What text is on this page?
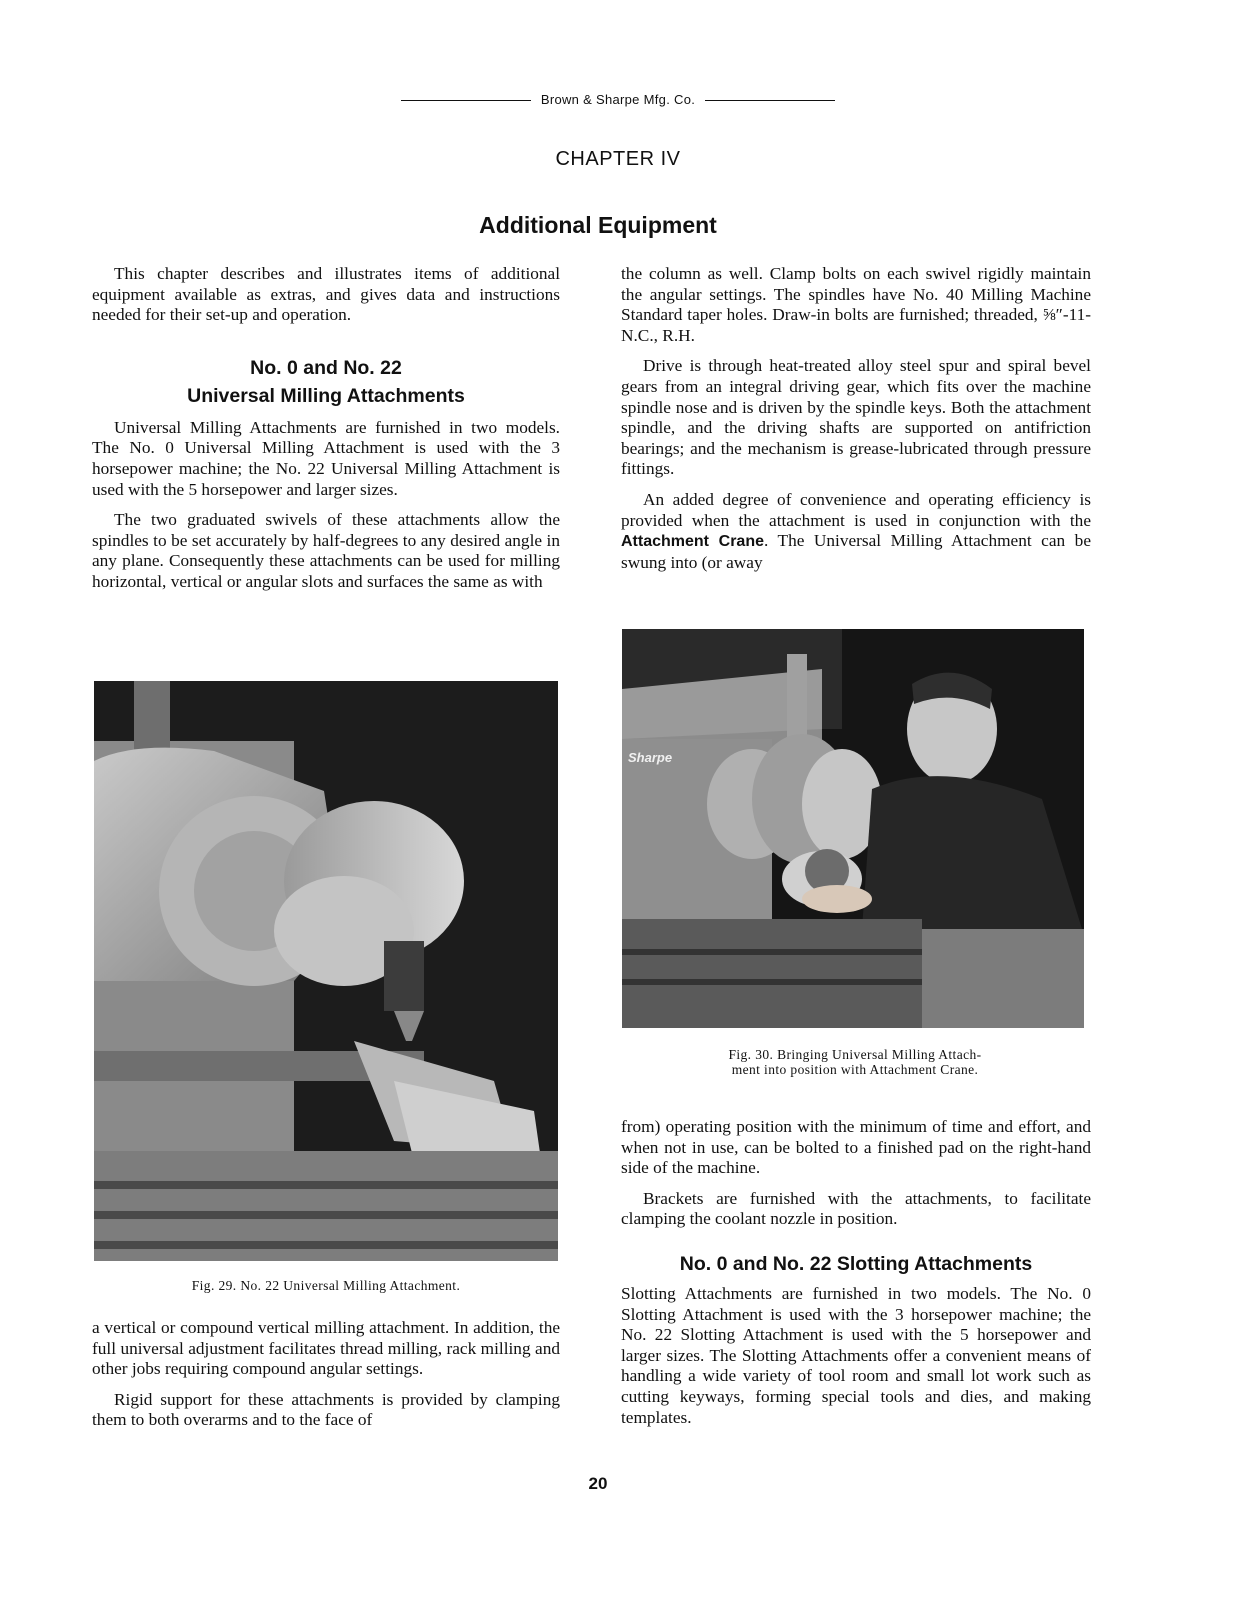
Brown & Sharpe Mfg. Co.
CHAPTER IV
Additional Equipment

This chapter describes and illustrates items of additional equipment available as extras, and gives data and instructions needed for their set-up and operation.

No. 0 and No. 22
Universal Milling Attachments

Universal Milling Attachments are furnished in two models. The No. 0 Universal Milling Attachment is used with the 3 horsepower machine; the No. 22 Universal Milling Attachment is used with the 5 horsepower and larger sizes.

The two graduated swivels of these attachments allow the spindles to be set accurately by half-degrees to any desired angle in any plane. Consequently these attachments can be used for milling horizontal, vertical or angular slots and surfaces the same as with

Fig. 29. No. 22 Universal Milling Attachment.

a vertical or compound vertical milling attachment. In addition, the full universal adjustment facilitates thread milling, rack milling and other jobs requiring compound angular settings.

Rigid support for these attachments is provided by clamping them to both overarms and to the face of

the column as well. Clamp bolts on each swivel rigidly maintain the angular settings. The spindles have No. 40 Milling Machine Standard taper holes. Draw-in bolts are furnished; threaded, ⅝″-11-N.C., R.H.

Drive is through heat-treated alloy steel spur and spiral bevel gears from an integral driving gear, which fits over the machine spindle nose and is driven by the spindle keys. Both the attachment spindle, and the driving shafts are supported on antifriction bearings; and the mechanism is grease-lubricated through pressure fittings.

An added degree of convenience and operating efficiency is provided when the attachment is used in conjunction with the Attachment Crane. The Universal Milling Attachment can be swung into (or away

Sharpe
Fig. 30. Bringing Universal Milling Attach-
ment into position with Attachment Crane.

from) operating position with the minimum of time and effort, and when not in use, can be bolted to a finished pad on the right-hand side of the machine.

Brackets are furnished with the attachments, to facilitate clamping the coolant nozzle in position.

No. 0 and No. 22 Slotting Attachments

Slotting Attachments are furnished in two models. The No. 0 Slotting Attachment is used with the 3 horsepower machine; the No. 22 Slotting Attachment is used with the 5 horsepower and larger sizes. The Slotting Attachments offer a convenient means of handling a wide variety of tool room and small lot work such as cutting keyways, forming special tools and dies, and making templates.

20
